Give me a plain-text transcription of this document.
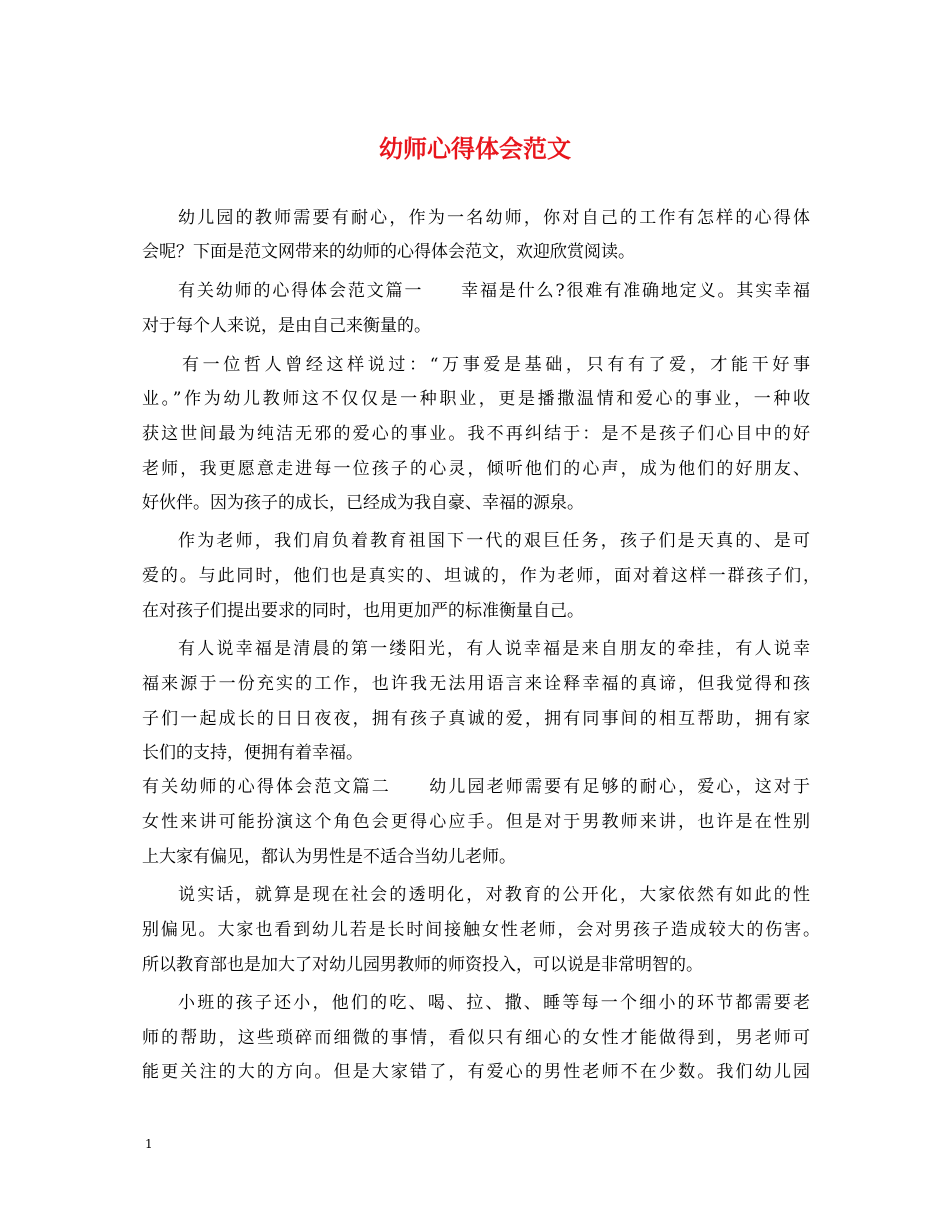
幼师心得体会范文
幼儿园的教师需要有耐心，作为一名幼师，你对自己的工作有怎样的心得体
会呢？下面是范文网带来的幼师的心得体会范文，欢迎欣赏阅读。
有关幼师的心得体会范文篇一　　幸福是什么?很难有准确地定义。其实幸福
对于每个人来说，是由自己来衡量的。
有一位哲人曾经这样说过：“万事爱是基础，只有有了爱，才能干好事
业。”作为幼儿教师这不仅仅是一种职业，更是播撒温情和爱心的事业，一种收
获这世间最为纯洁无邪的爱心的事业。我不再纠结于：是不是孩子们心目中的好
老师，我更愿意走进每一位孩子的心灵，倾听他们的心声，成为他们的好朋友、
好伙伴。因为孩子的成长，已经成为我自豪、幸福的源泉。
作为老师，我们肩负着教育祖国下一代的艰巨任务，孩子们是天真的、是可
爱的。与此同时，他们也是真实的、坦诚的，作为老师，面对着这样一群孩子们，
在对孩子们提出要求的同时，也用更加严的标准衡量自己。
有人说幸福是清晨的第一缕阳光，有人说幸福是来自朋友的牵挂，有人说幸
福来源于一份充实的工作，也许我无法用语言来诠释幸福的真谛，但我觉得和孩
子们一起成长的日日夜夜，拥有孩子真诚的爱，拥有同事间的相互帮助，拥有家
长们的支持，便拥有着幸福。
有关幼师的心得体会范文篇二　　幼儿园老师需要有足够的耐心，爱心，这对于
女性来讲可能扮演这个角色会更得心应手。但是对于男教师来讲，也许是在性别
上大家有偏见，都认为男性是不适合当幼儿老师。
说实话，就算是现在社会的透明化，对教育的公开化，大家依然有如此的性
别偏见。大家也看到幼儿若是长时间接触女性老师，会对男孩子造成较大的伤害。
所以教育部也是加大了对幼儿园男教师的师资投入，可以说是非常明智的。
小班的孩子还小，他们的吃、喝、拉、撒、睡等每一个细小的环节都需要老
师的帮助，这些琐碎而细微的事情，看似只有细心的女性才能做得到，男老师可
能更关注的大的方向。但是大家错了，有爱心的男性老师不在少数。我们幼儿园
1
